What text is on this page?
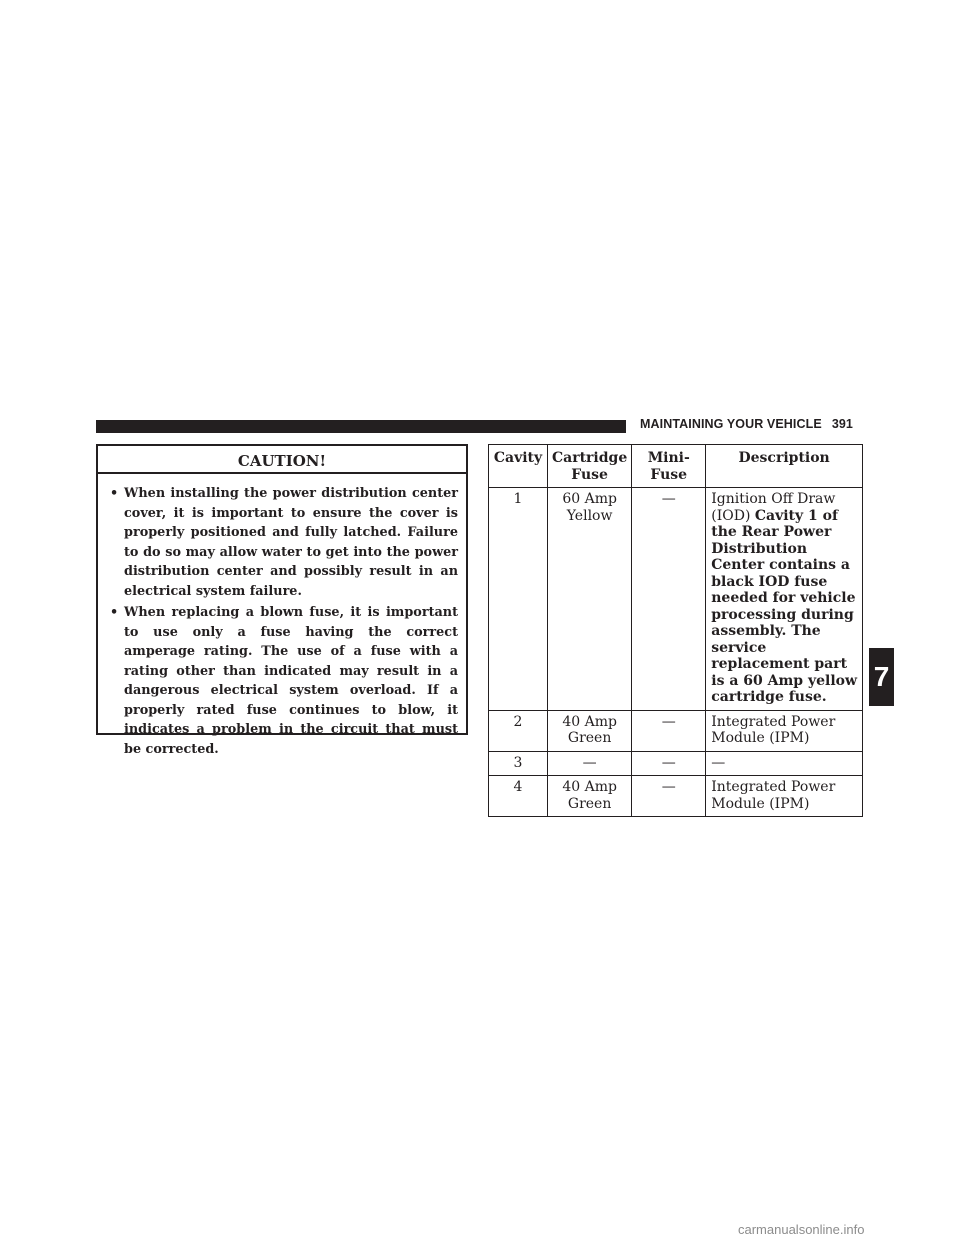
MAINTAINING YOUR VEHICLE 391
CAUTION!
• When installing the power distribution center cover, it is important to ensure the cover is properly positioned and fully latched. Failure to do so may allow water to get into the power distribution center and possibly result in an electrical system failure.
• When replacing a blown fuse, it is important to use only a fuse having the correct amperage rating. The use of a fuse with a rating other than indicated may result in a dangerous electrical system overload. If a properly rated fuse continues to blow, it indicates a problem in the circuit that must be corrected.
Cavity	Cartridge Fuse	Mini-Fuse	Description
1	60 Amp Yellow	—	Ignition Off Draw (IOD) Cavity 1 of the Rear Power Distribution Center contains a black IOD fuse needed for vehicle processing during assembly. The service replacement part is a 60 Amp yellow cartridge fuse.
2	40 Amp Green	—	Integrated Power Module (IPM)
3	—	—	—
4	40 Amp Green	—	Integrated Power Module (IPM)
7
carmanualsonline.info
